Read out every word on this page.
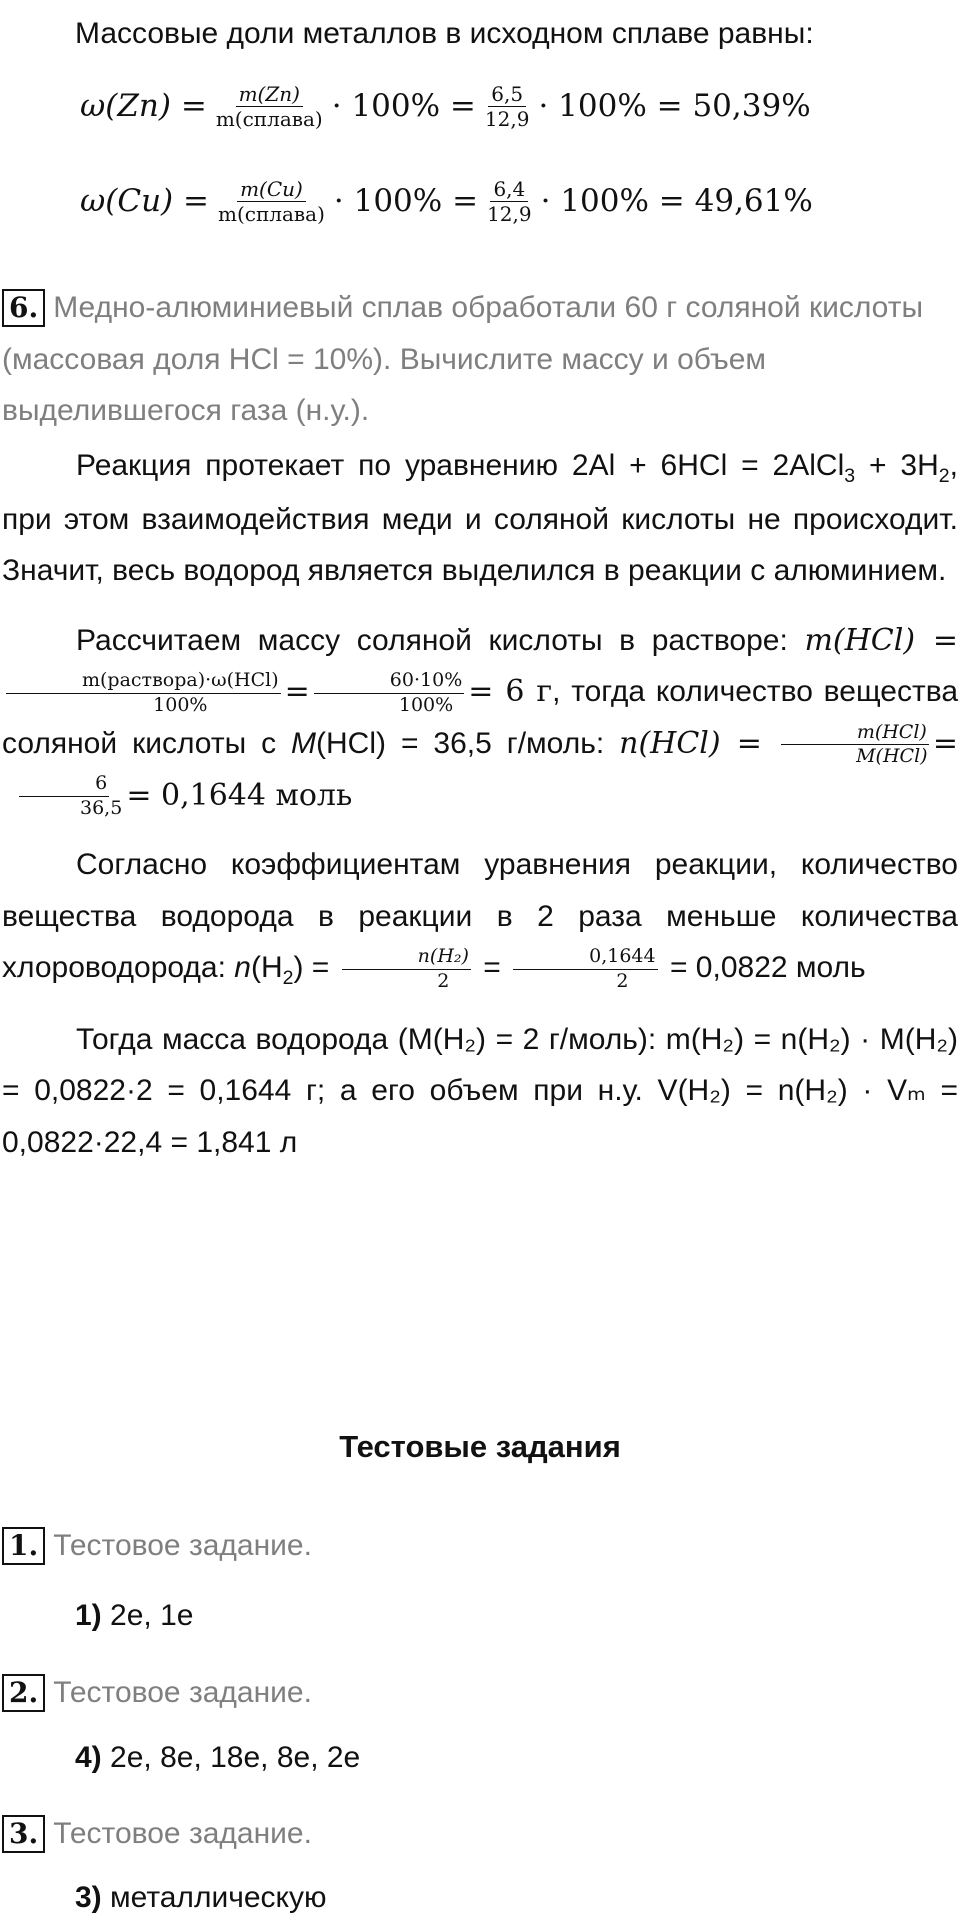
Массовые доли металлов в исходном сплаве равны:
$\omega(Zn) = \frac{m(Zn)}{\text{m(сплава)}} \cdot 100\% = \frac{6,5}{12,9} \cdot 100\% = 50,39\%$
$\omega(Cu) = \frac{m(Cu)}{\text{m(сплава)}} \cdot 100\% = \frac{6,4}{12,9} \cdot 100\% = 49,61\%$

6. Медно-алюминиевый сплав обработали 60 г соляной кислоты (массовая доля HCl = 10%). Вычислите массу и объем выделившегося газа (н.у.).

Реакция протекает по уравнению 2Al + 6HCl = 2AlCl$_3$ + $3H_2$, при этом взаимодействия меди и соляной кислоты не происходит. Значит, весь водород является выделился в реакции с алюминием.

Рассчитаем массу соляной кислоты в растворе: m(HCl) =
$\frac{\text{m(раствора)·ω(HCl)}}{100\%} = \frac{60\cdot 10\%}{100\%} = 6$ г, тогда количество вещества соляной кислоты с M(HCl) = 36,5 г/моль: $n(HCl) = \frac{\text{m(HCl)}}{\text{M(HCl)}}$ =
$\frac{6}{36,5} = 0,1644$ моль

Согласно коэффициентам уравнения реакции, количество вещества водорода в реакции в 2 раза меньше количества хлороводорода: $n(H_2) = \frac{\text{n(H₂)}}{2} = \frac{0,1644}{2} = 0,0822$ моль

Тогда масса водорода (M(H₂) = 2 г/моль): m(H₂) = n(H₂) · M(H₂) = 0,0822·2 = 0,1644 г; а его объем при н.у. V(H₂) = n(H₂) · Vₘ = 0,0822·22,4 = 1,841 л

Тестовые задания

1. Тестовое задание.

1) 2e, 1e

2. Тестовое задание.

4) 2e, 8e, 18e, 8e, 2e

3. Тестовое задание.

3) металлическую
